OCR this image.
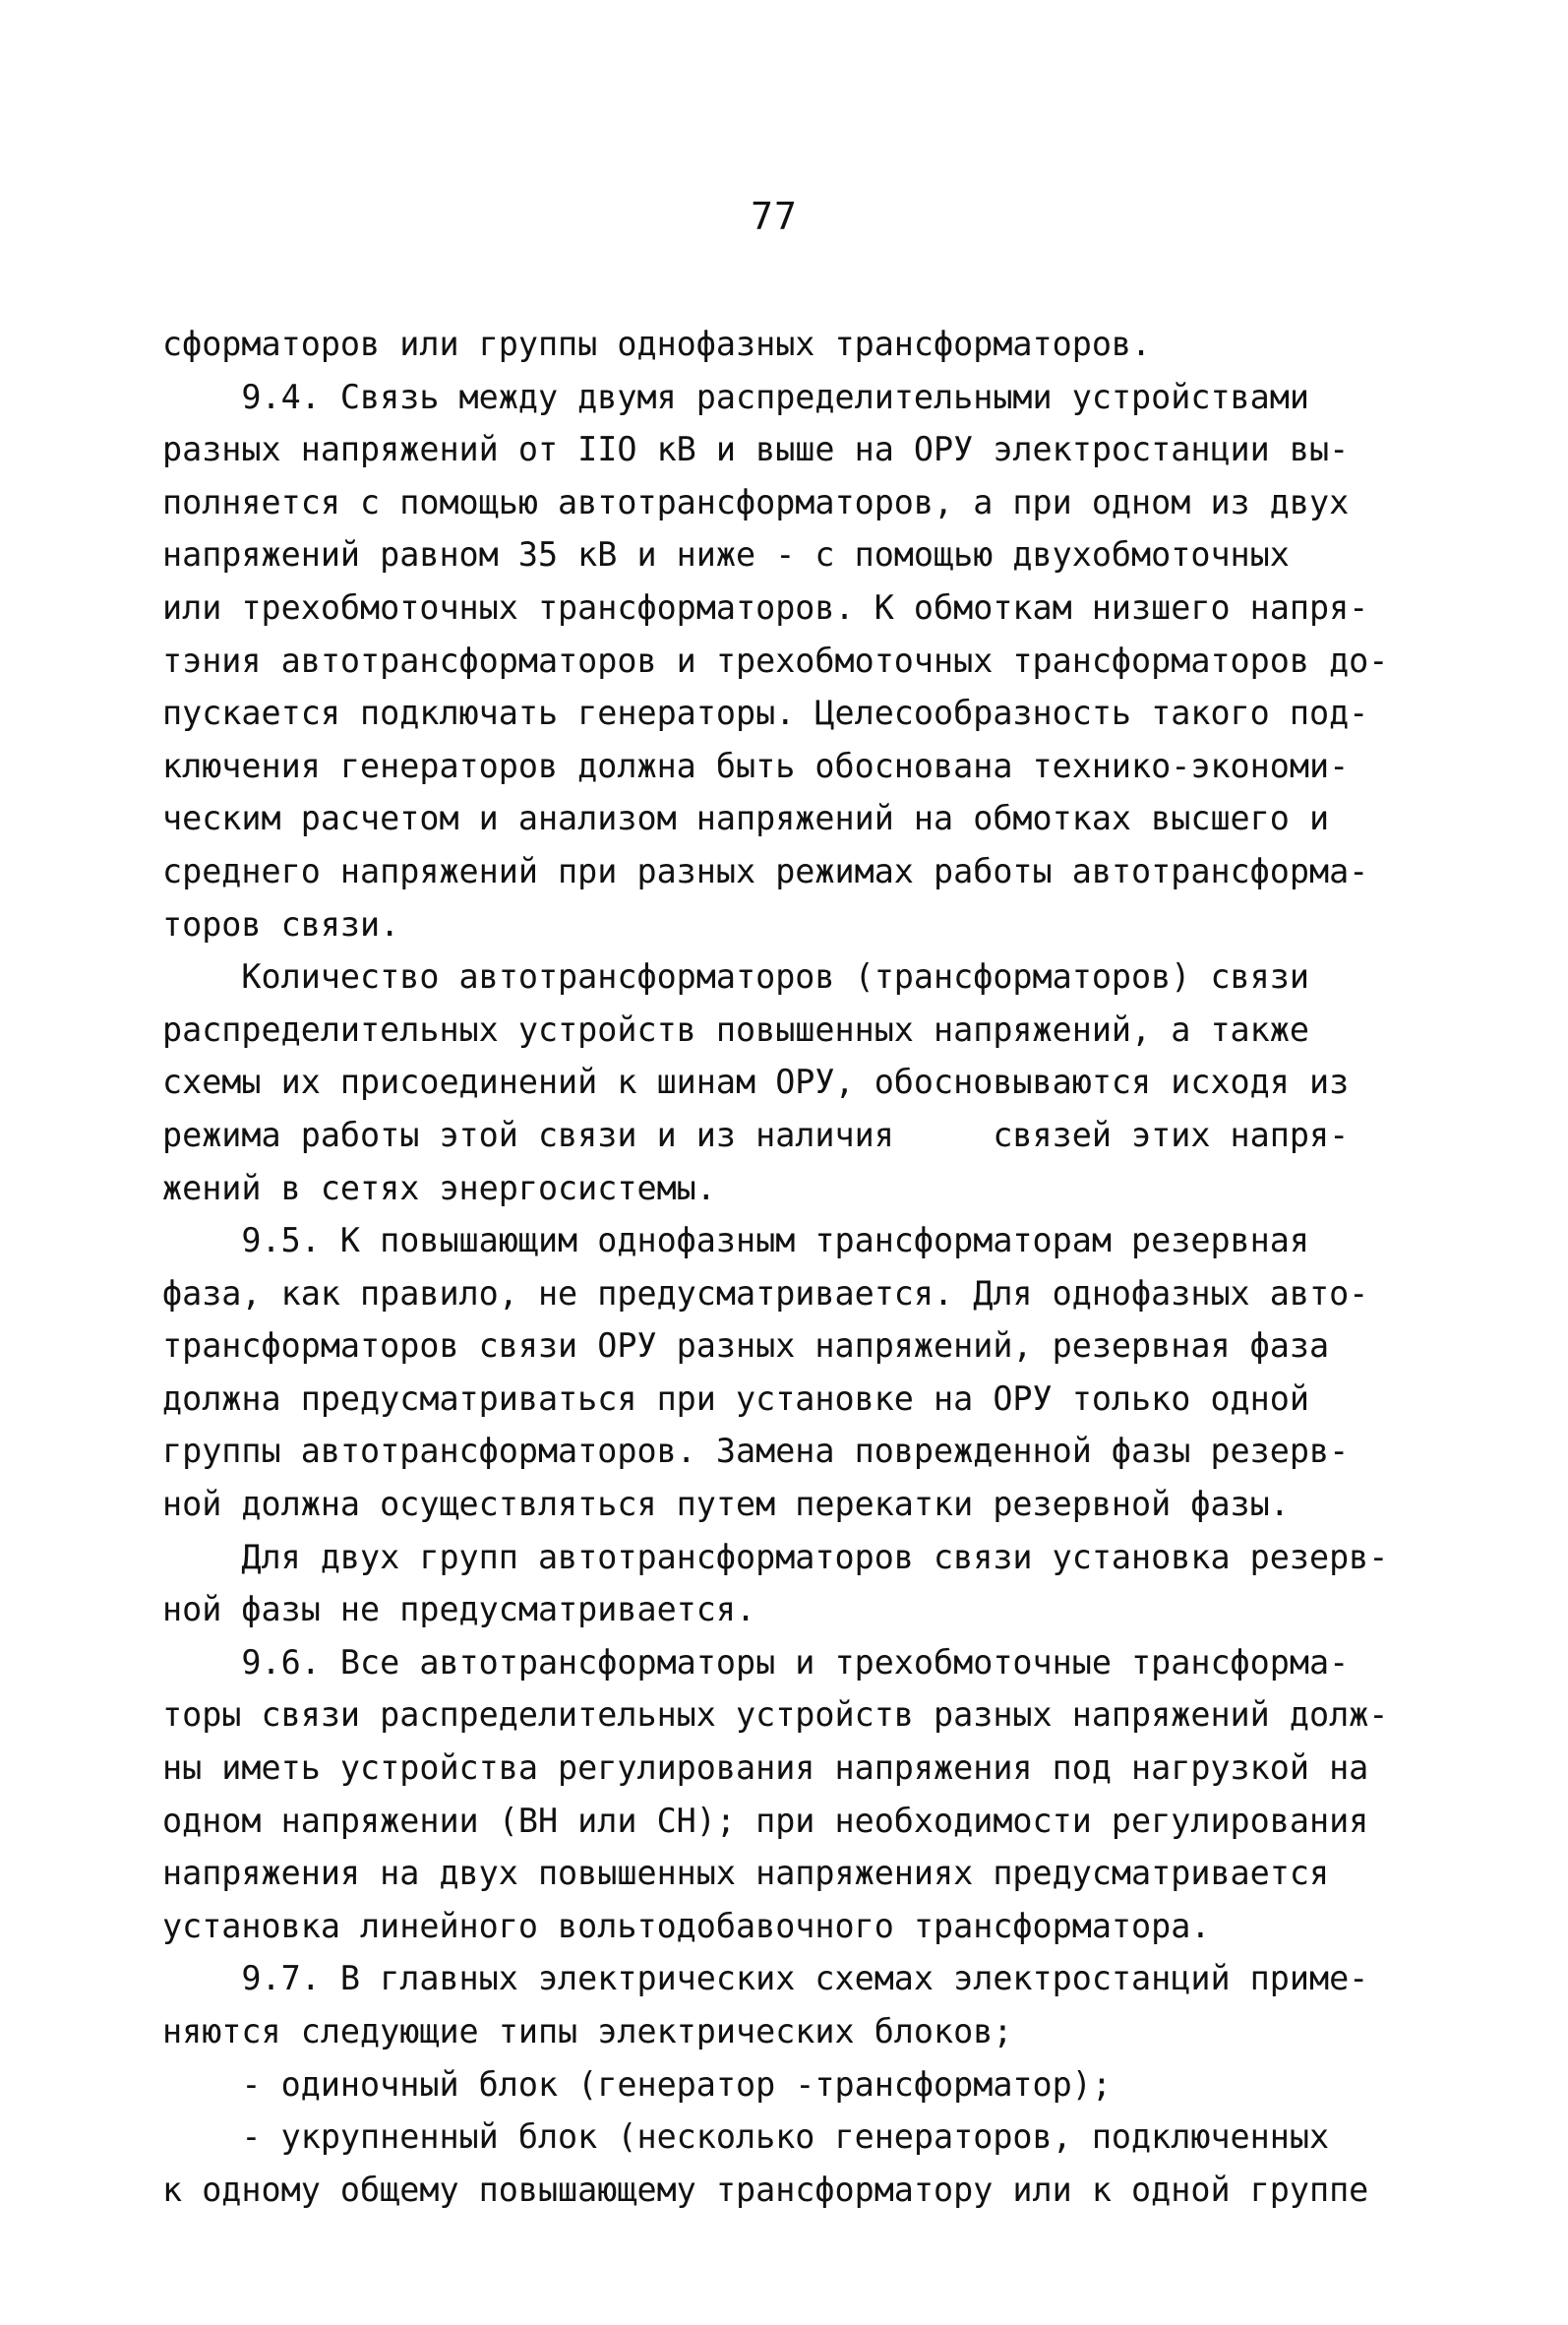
77
сформаторов или группы однофазных трансформаторов.
9.4. Связь между двумя распределительными устройствами
разных напряжений от IIO кВ и выше на ОРУ электростанции вы-
полняется с помощью автотрансформаторов, а при одном из двух
напряжений равном 35 кВ и ниже - с помощью двухобмоточных
или трехобмоточных трансформаторов. К обмоткам низшего напря-
тэния автотрансформаторов и трехобмоточных трансформаторов до-
пускается подключать генераторы. Целесообразность такого под-
ключения генераторов должна быть обоснована технико-экономи-
ческим расчетом и анализом напряжений на обмотках высшего и
среднего напряжений при разных режимах работы автотрансформа-
торов связи.
Количество автотрансформаторов (трансформаторов) связи
распределительных устройств повышенных напряжений, а также
схемы их присоединений к шинам ОРУ, обосновываются исходя из
режима работы этой связи и из наличия     связей этих напря-
жений в сетях энергосистемы.
9.5. К повышающим однофазным трансформаторам резервная
фаза, как правило, не предусматривается. Для однофазных авто-
трансформаторов связи ОРУ разных напряжений, резервная фаза
должна предусматриваться при установке на ОРУ только одной
группы автотрансформаторов. Замена поврежденной фазы резерв-
ной должна осуществляться путем перекатки резервной фазы.
Для двух групп автотрансформаторов связи установка резерв-
ной фазы не предусматривается.
9.6. Все автотрансформаторы и трехобмоточные трансформа-
торы связи распределительных устройств разных напряжений долж-
ны иметь устройства регулирования напряжения под нагрузкой на
одном напряжении (ВН или СН); при необходимости регулирования
напряжения на двух повышенных напряжениях предусматривается
установка линейного вольтодобавочного трансформатора.
9.7. В главных электрических схемах электростанций приме-
няются следующие типы электрических блоков;
- одиночный блок (генератор -трансформатор);
- укрупненный блок (несколько генераторов, подключенных
к одному общему повышающему трансформатору или к одной группе
